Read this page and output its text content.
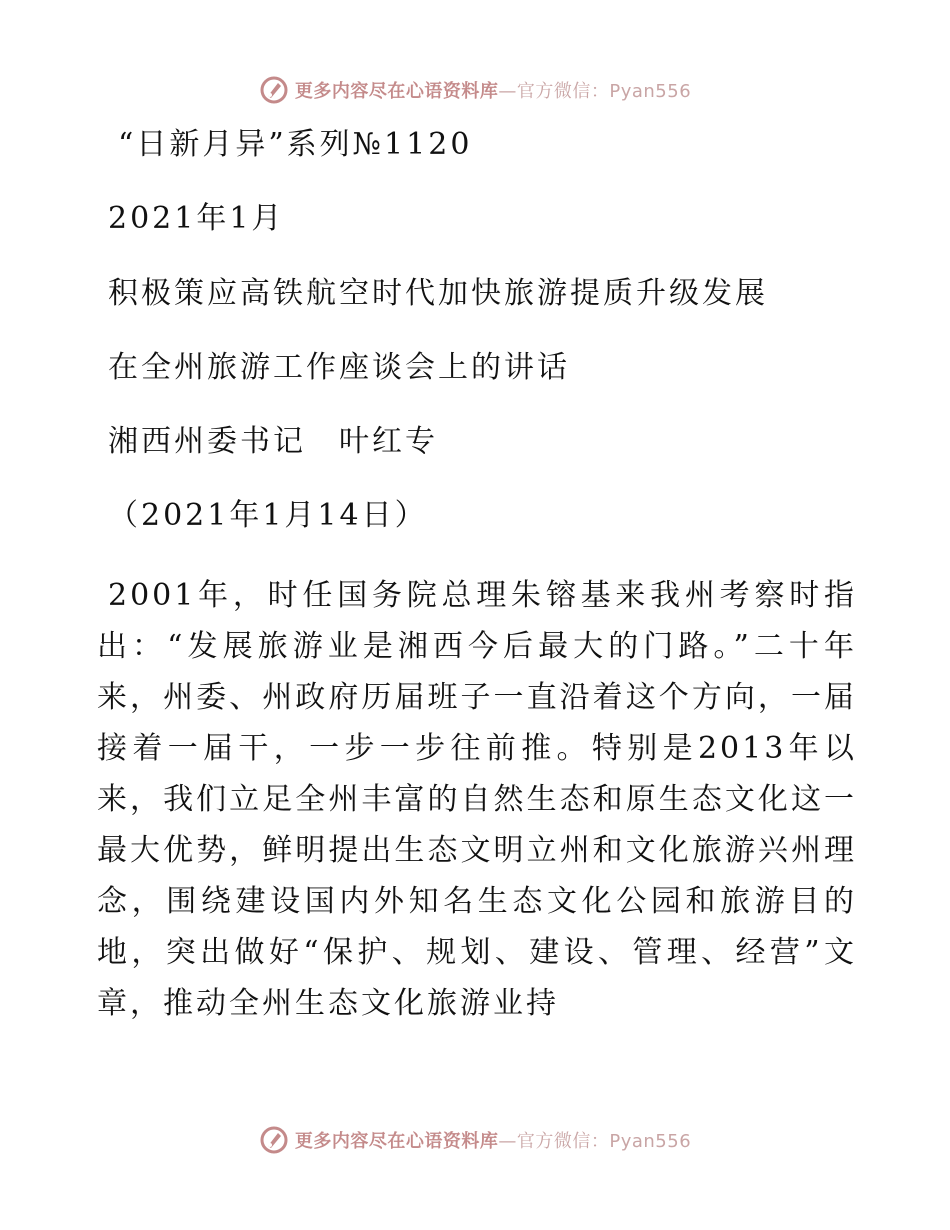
更多内容尽在心语资料库—官方微信：Pyan556
“日新月异”系列№1120
2021年1月
积极策应高铁航空时代加快旅游提质升级发展
在全州旅游工作座谈会上的讲话
湘西州委书记　叶红专
（2021年1月14日）

2001年，时任国务院总理朱镕基来我州考察时指出：“发展旅游业是湘西今后最大的门路。”二十年来，州委、州政府历届班子一直沿着这个方向，一届接着一届干，一步一步往前推。特别是2013年以来，我们立足全州丰富的自然生态和原生态文化这一最大优势，鲜明提出生态文明立州和文化旅游兴州理念，围绕建设国内外知名生态文化公园和旅游目的地，突出做好“保护、规划、建设、管理、经营”文章，推动全州生态文化旅游业持

更多内容尽在心语资料库—官方微信：Pyan556
